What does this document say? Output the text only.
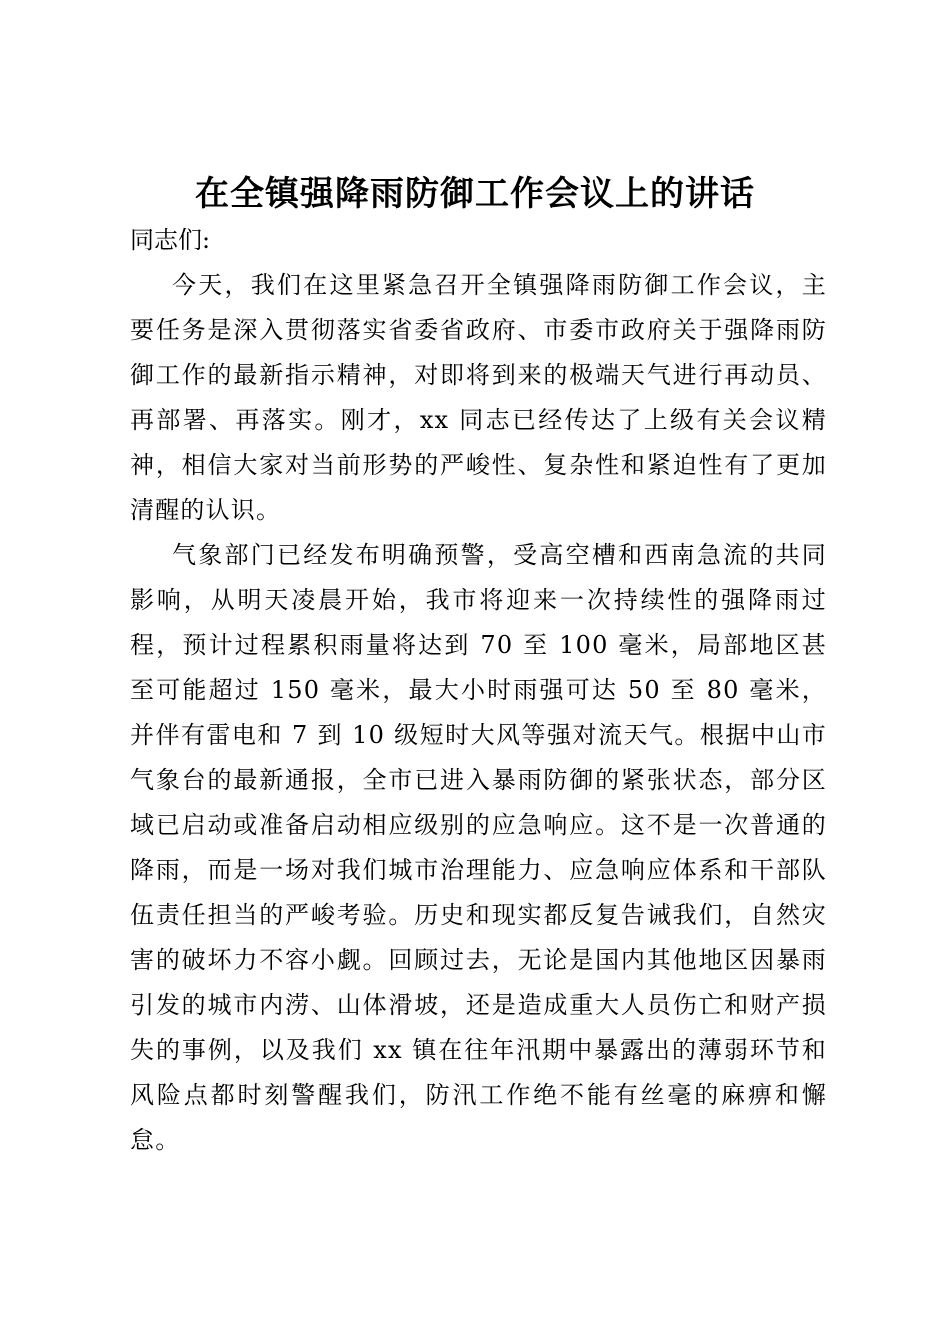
在全镇强降雨防御工作会议上的讲话

同志们:

今天，我们在这里紧急召开全镇强降雨防御工作会议，主要任务是深入贯彻落实省委省政府、市委市政府关于强降雨防御工作的最新指示精神，对即将到来的极端天气进行再动员、再部署、再落实。刚才，xx 同志已经传达了上级有关会议精神，相信大家对当前形势的严峻性、复杂性和紧迫性有了更加清醒的认识。

气象部门已经发布明确预警，受高空槽和西南急流的共同影响，从明天凌晨开始，我市将迎来一次持续性的强降雨过程，预计过程累积雨量将达到 70 至 100 毫米，局部地区甚至可能超过 150 毫米，最大小时雨强可达 50 至 80 毫米，并伴有雷电和 7 到 10 级短时大风等强对流天气。根据中山市气象台的最新通报，全市已进入暴雨防御的紧张状态，部分区域已启动或准备启动相应级别的应急响应。这不是一次普通的降雨，而是一场对我们城市治理能力、应急响应体系和干部队伍责任担当的严峻考验。历史和现实都反复告诫我们，自然灾害的破坏力不容小觑。回顾过去，无论是国内其他地区因暴雨引发的城市内涝、山体滑坡，还是造成重大人员伤亡和财产损失的事例，以及我们 xx 镇在往年汛期中暴露出的薄弱环节和风险点都时刻警醒我们，防汛工作绝不能有丝毫的麻痹和懈怠。
